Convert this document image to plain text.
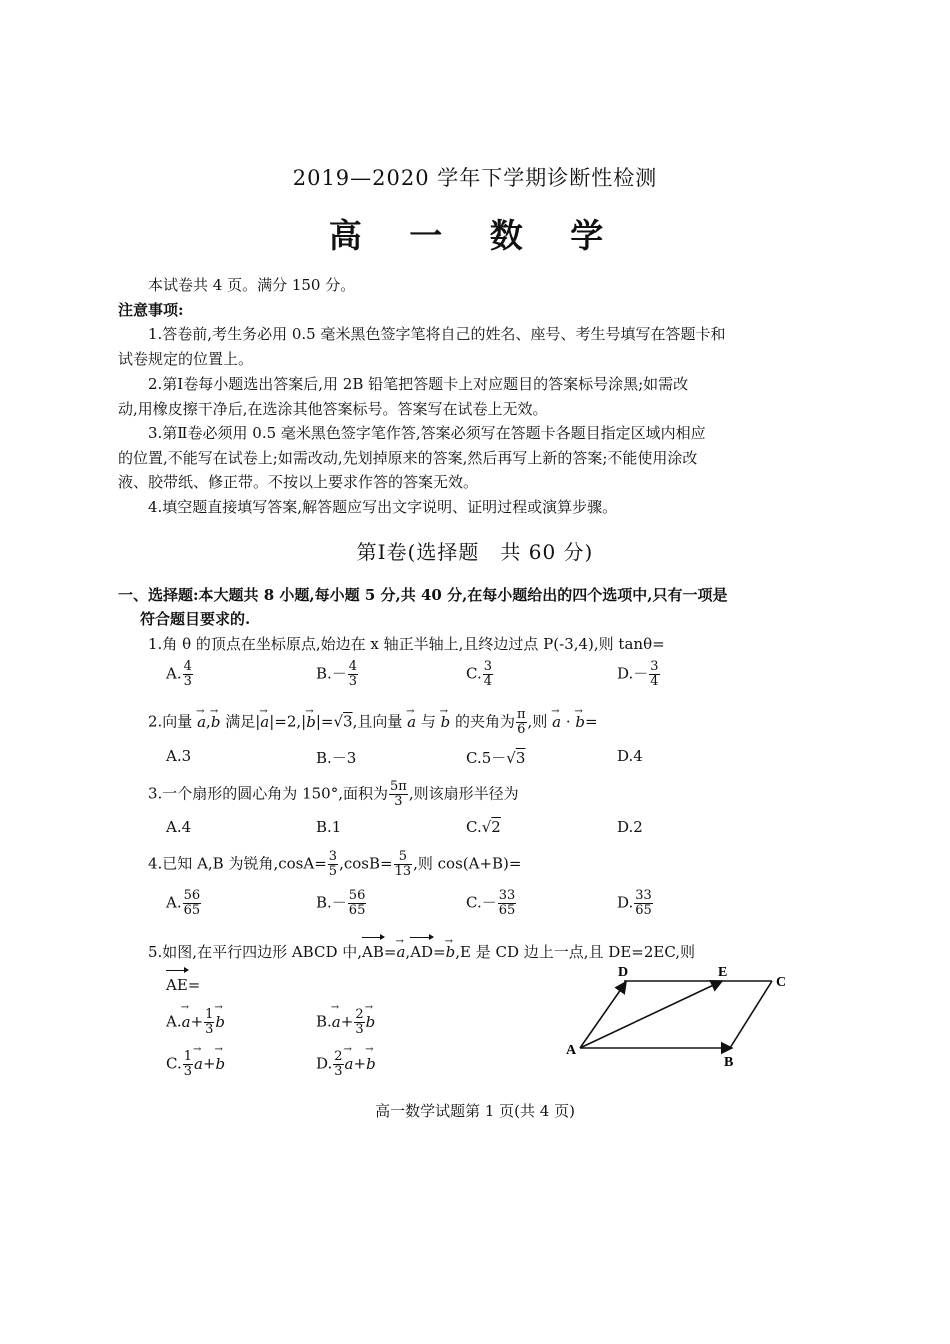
2019—2020 学年下学期诊断性检测
高 一 数 学
本试卷共 4 页。满分 150 分。
注意事项:
1.答卷前,考生务必用 0.5 毫米黑色签字笔将自己的姓名、座号、考生号填写在答题卡和
试卷规定的位置上。
2.第Ⅰ卷每小题选出答案后,用 2B 铅笔把答题卡上对应题目的答案标号涂黑;如需改
动,用橡皮擦干净后,在选涂其他答案标号。答案写在试卷上无效。
3.第Ⅱ卷必须用 0.5 毫米黑色签字笔作答,答案必须写在答题卡各题目指定区域内相应
的位置,不能写在试卷上;如需改动,先划掉原来的答案,然后再写上新的答案;不能使用涂改
液、胶带纸、修正带。不按以上要求作答的答案无效。
4.填空题直接填写答案,解答题应写出文字说明、证明过程或演算步骤。
第Ⅰ卷(选择题　共 60 分)
一、选择题:本大题共 8 小题,每小题 5 分,共 40 分,在每小题给出的四个选项中,只有一项是
符合题目要求的.
1.角 θ 的顶点在坐标原点,始边在 x 轴正半轴上,且终边过点 P(-3,4),则 tanθ=
A. $\frac{4}{3}$	$B.- \frac{4}{3}$	C. $\frac{3}{4}$	$D.- \frac{3}{4}$
2.向量 → a,→ b 满足|→ a|=2,|→ b|=√3,且向量 → a 与 → b 的夹角为 $\frac{\pi}{6}$ ,则 → a · → b=
A.3	B.－3	C.5－√3	D.4
3.一个扇形的圆心角为 150°,面积为 $\frac{5\pi}{3}$ ,则该扇形半径为
A.4	B.1	C.√2	D.2
4.已知 A,B 为锐角$,\cos A= \frac{3}{5} ,\cos B= \frac{5}{13}$ ,则 cos(A+B)=
A. $\frac{56}{65}$	$B.- \frac{56}{65}$	$C.- \frac{33}{65}$	D. $\frac{33}{65}$
5.如图,在平行四边形 ABCD 中,AB=→ a,AD=→ b,E 是 CD 边上一点,且 DE=2EC,则
AE=
$A.\to a+ \frac{1}{3} \to b$	$B.\to a+ \frac{2}{3} \to b$
C. $\frac{1}{3} \to a+\to b$	D. $\frac{2}{3} \to a+\to b$
A
B
C
D	E
高一数学试题第 1 页(共 4 页)
